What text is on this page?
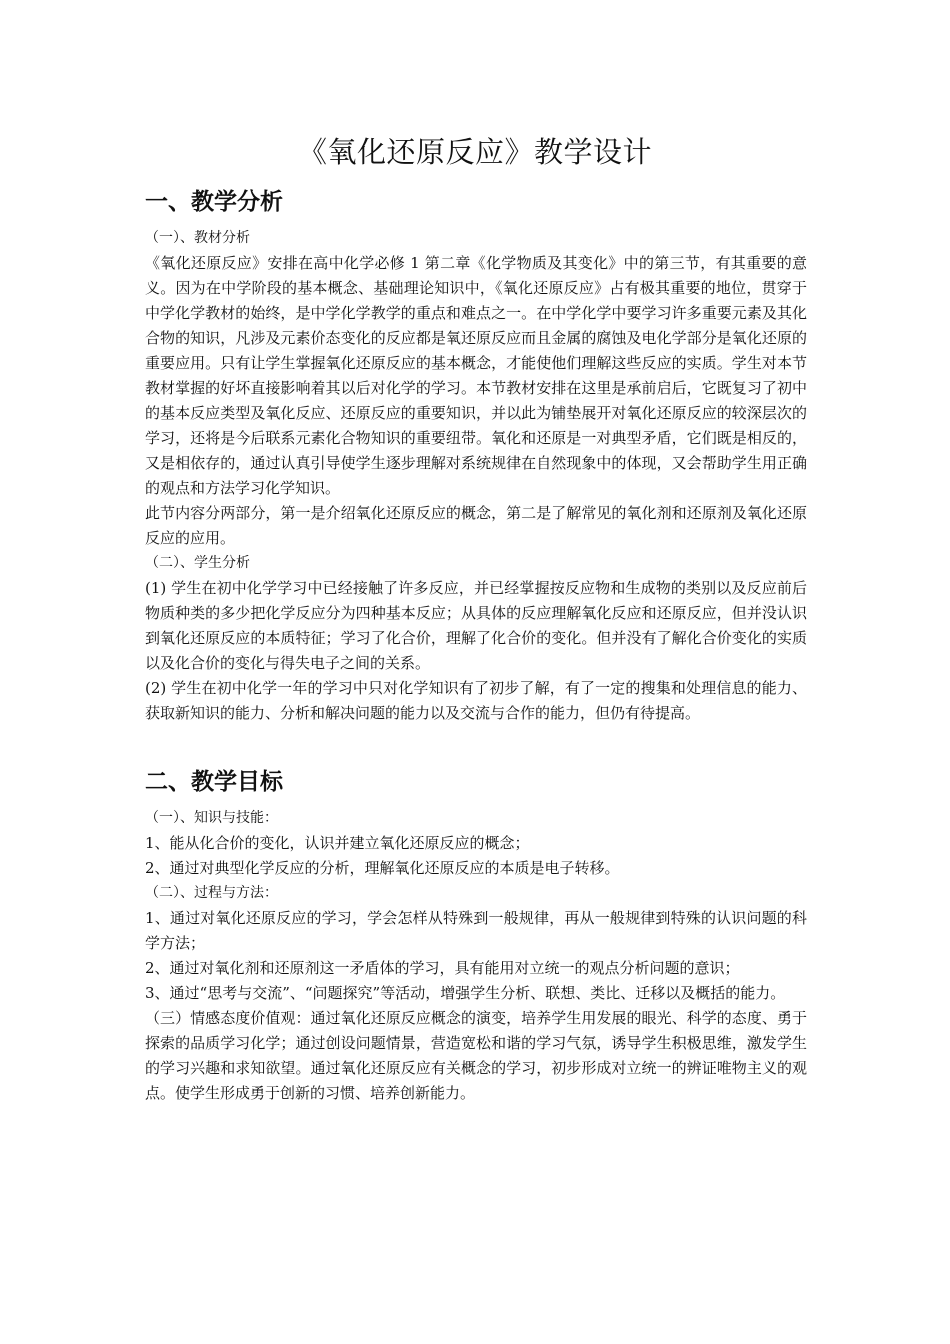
《氧化还原反应》教学设计
一、教学分析

（一）、教材分析

《氧化还原反应》安排在高中化学必修 1 第二章《化学物质及其变化》中的第三节，有其重要的意义。因为在中学阶段的基本概念、基础理论知识中，《氧化还原反应》占有极其重要的地位，贯穿于中学化学教材的始终，是中学化学教学的重点和难点之一。在中学化学中要学习许多重要元素及其化合物的知识，凡涉及元素价态变化的反应都是氧还原反应而且金属的腐蚀及电化学部分是氧化还原的重要应用。只有让学生掌握氧化还原反应的基本概念，才能使他们理解这些反应的实质。学生对本节教材掌握的好坏直接影响着其以后对化学的学习。本节教材安排在这里是承前启后，它既复习了初中的基本反应类型及氧化反应、还原反应的重要知识，并以此为铺垫展开对氧化还原反应的较深层次的学习，还将是今后联系元素化合物知识的重要纽带。氧化和还原是一对典型矛盾，它们既是相反的，又是相依存的，通过认真引导使学生逐步理解对系统规律在自然现象中的体现，又会帮助学生用正确的观点和方法学习化学知识。

此节内容分两部分，第一是介绍氧化还原反应的概念，第二是了解常见的氧化剂和还原剂及氧化还原反应的应用。

（二）、学生分析

(1) 学生在初中化学学习中已经接触了许多反应，并已经掌握按反应物和生成物的类别以及反应前后物质种类的多少把化学反应分为四种基本反应；从具体的反应理解氧化反应和还原反应，但并没认识到氧化还原反应的本质特征；学习了化合价，理解了化合价的变化。但并没有了解化合价变化的实质以及化合价的变化与得失电子之间的关系。

(2) 学生在初中化学一年的学习中只对化学知识有了初步了解，有了一定的搜集和处理信息的能力、获取新知识的能力、分析和解决问题的能力以及交流与合作的能力，但仍有待提高。

二、教学目标

（一）、知识与技能：

1、能从化合价的变化，认识并建立氧化还原反应的概念；

2、通过对典型化学反应的分析，理解氧化还原反应的本质是电子转移。

（二）、过程与方法：

1、通过对氧化还原反应的学习，学会怎样从特殊到一般规律，再从一般规律到特殊的认识问题的科学方法；

2、通过对氧化剂和还原剂这一矛盾体的学习，具有能用对立统一的观点分析问题的意识；

3、通过“思考与交流”、“问题探究”等活动，增强学生分析、联想、类比、迁移以及概括的能力。

（三）情感态度价值观：通过氧化还原反应概念的演变，培养学生用发展的眼光、科学的态度、勇于探索的品质学习化学；通过创设问题情景，营造宽松和谐的学习气氛，诱导学生积极思维，激发学生的学习兴趣和求知欲望。通过氧化还原反应有关概念的学习，初步形成对立统一的辨证唯物主义的观点。使学生形成勇于创新的习惯、培养创新能力。
